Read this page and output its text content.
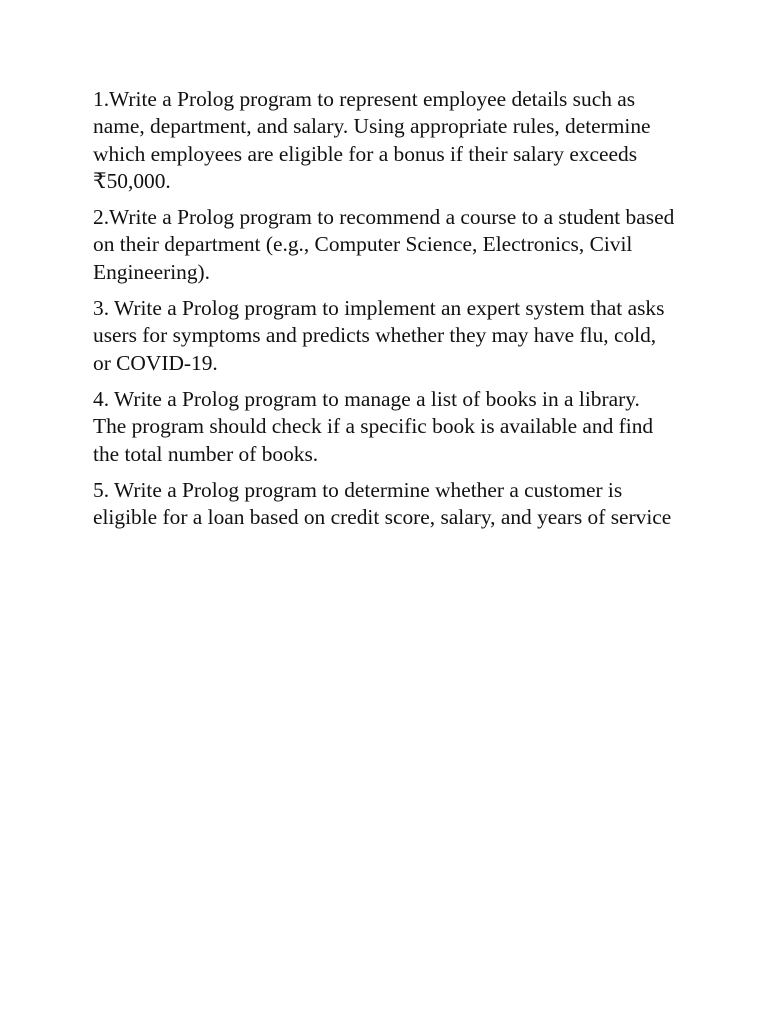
1.Write a Prolog program to represent employee details such as name, department, and salary. Using appropriate rules, determine which employees are eligible for a bonus if their salary exceeds ₹50,000.

2.Write a Prolog program to recommend a course to a student based on their department (e.g., Computer Science, Electronics, Civil Engineering).

3. Write a Prolog program to implement an expert system that asks users for symptoms and predicts whether they may have flu, cold, or COVID-19.

4. Write a Prolog program to manage a list of books in a library. The program should check if a specific book is available and find the total number of books.

5. Write a Prolog program to determine whether a customer is eligible for a loan based on credit score, salary, and years of service
